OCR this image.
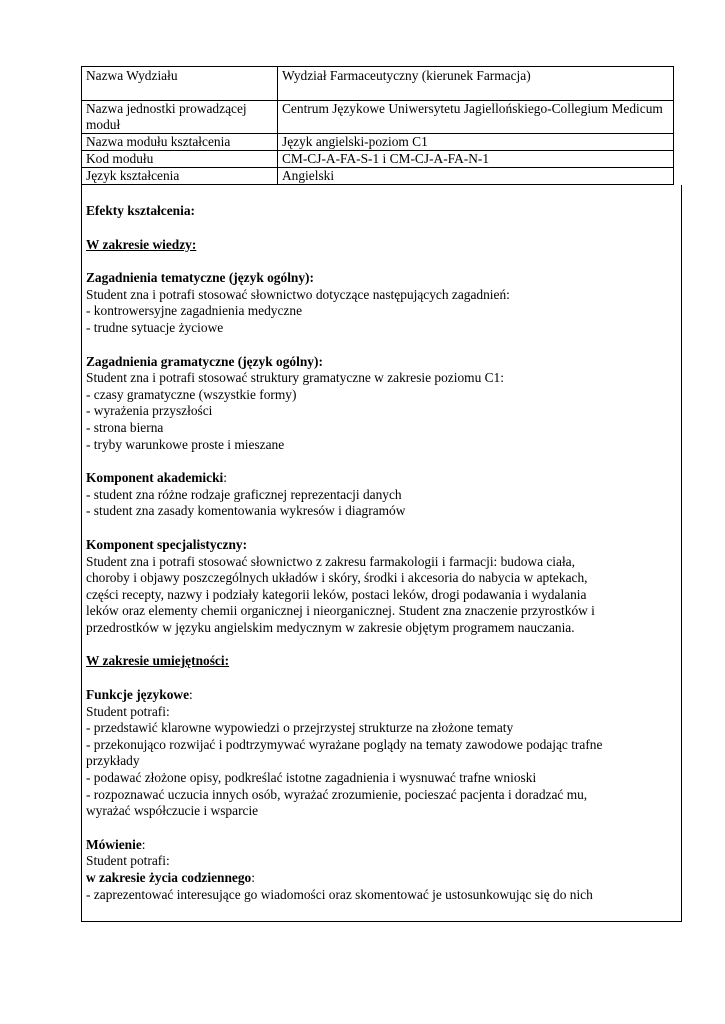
Nazwa Wydziału	Wydział Farmaceutyczny (kierunek Farmacja)
Nazwa jednostki prowadzącej moduł	Centrum Językowe Uniwersytetu Jagiellońskiego-Collegium Medicum
Nazwa modułu kształcenia	Język angielski-poziom C1
Kod modułu	CM-CJ-A-FA-S-1 i CM-CJ-A-FA-N-1
Język kształcenia	Angielski

Efekty kształcenia:

W zakresie wiedzy:

Zagadnienia tematyczne (język ogólny):

Student zna i potrafi stosować słownictwo dotyczące następujących zagadnień:

- kontrowersyjne zagadnienia medyczne

- trudne sytuacje życiowe

Zagadnienia gramatyczne (język ogólny):

Student zna i potrafi stosować struktury gramatyczne w zakresie poziomu C1:

- czasy gramatyczne (wszystkie formy)

- wyrażenia przyszłości

- strona bierna

- tryby warunkowe proste i mieszane

Komponent akademicki:

- student zna różne rodzaje graficznej reprezentacji danych

- student zna zasady komentowania wykresów i diagramów

Komponent specjalistyczny:

Student zna i potrafi stosować słownictwo z zakresu farmakologii i farmacji: budowa ciała,

choroby i objawy poszczególnych układów i skóry, środki i akcesoria do nabycia w aptekach,

części recepty, nazwy i podziały kategorii leków, postaci leków, drogi podawania i wydalania

leków oraz elementy chemii organicznej i nieorganicznej. Student zna znaczenie przyrostków i

przedrostków w języku angielskim medycznym w zakresie objętym programem nauczania.

W zakresie umiejętności:

Funkcje językowe:

Student potrafi:

- przedstawić klarowne wypowiedzi o przejrzystej strukturze na złożone tematy

- przekonująco rozwijać i podtrzymywać wyrażane poglądy na tematy zawodowe podając trafne

przykłady

- podawać złożone opisy, podkreślać istotne zagadnienia i wysnuwać trafne wnioski

- rozpoznawać uczucia innych osób, wyrażać zrozumienie, pocieszać pacjenta i doradzać mu,

wyrażać współczucie i wsparcie

Mówienie:

Student potrafi:

w zakresie życia codziennego:

- zaprezentować interesujące go wiadomości oraz skomentować je ustosunkowując się do nich
